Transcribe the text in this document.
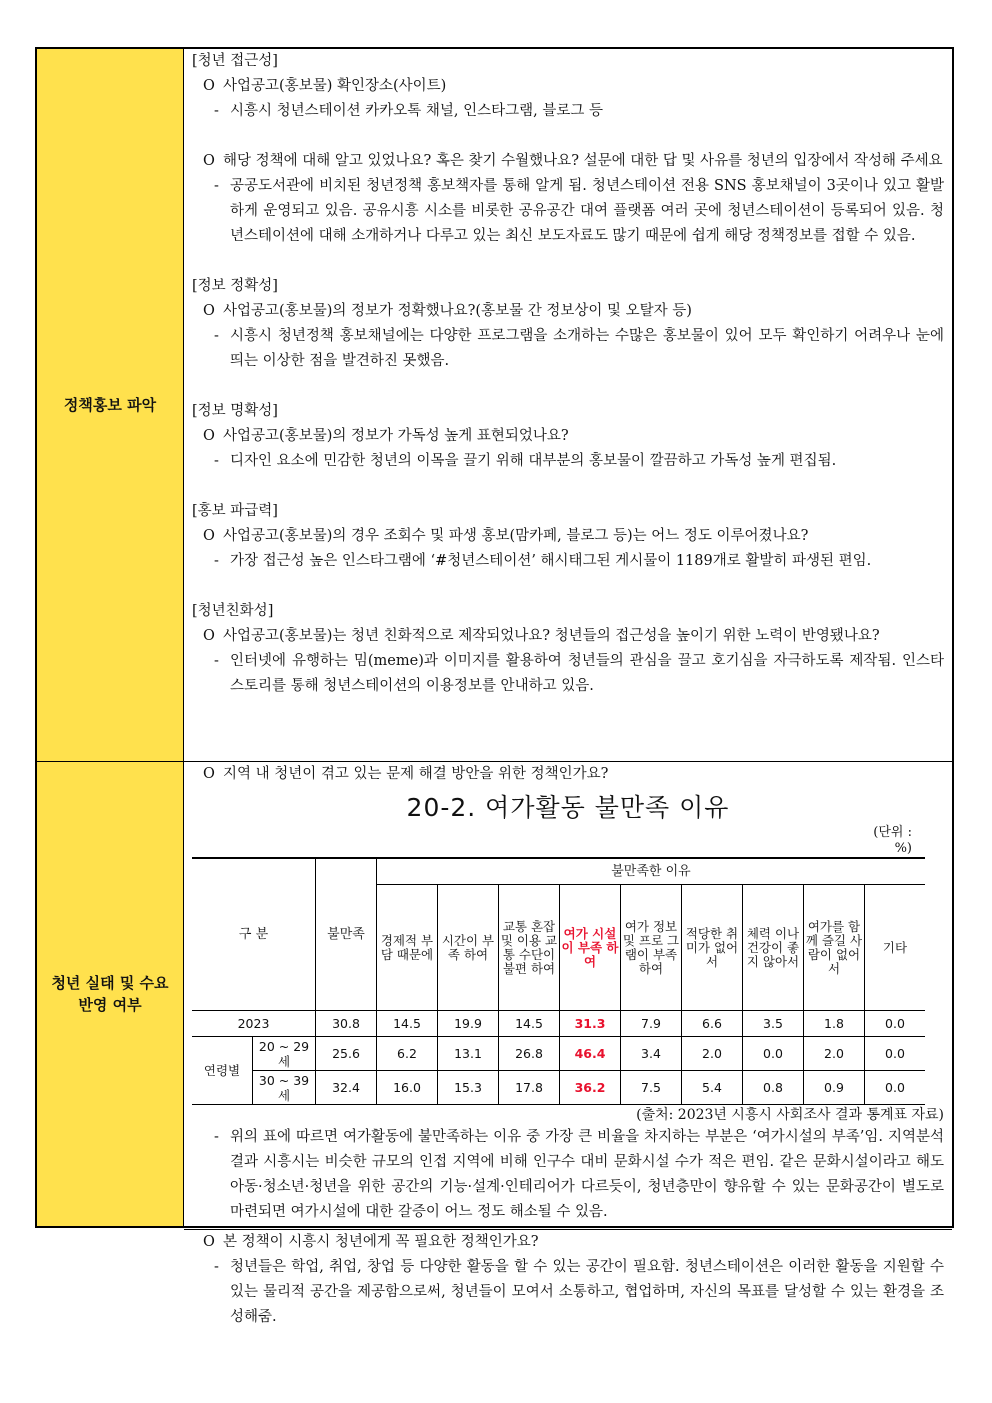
정책홍보 파악
[청년 접근성]
O 사업공고(홍보물) 확인장소(사이트)
- 시흥시 청년스테이션 카카오톡 채널, 인스타그램, 블로그 등
O 해당 정책에 대해 알고 있었나요? 혹은 찾기 수월했나요? 설문에 대한 답 및 사유를 청년의 입장에서 작성해 주세요
- 공공도서관에 비치된 청년정책 홍보책자를 통해 알게 됨. 청년스테이션 전용 SNS 홍보채널이 3곳이나 있고 활발하게 운영되고 있음. 공유시흥 시소를 비롯한 공유공간 대여 플랫폼 여러 곳에 청년스테이션이 등록되어 있음. 청년스테이션에 대해 소개하거나 다루고 있는 최신 보도자료도 많기 때문에 쉽게 해당 정책정보를 접할 수 있음.
[정보 정확성]
O 사업공고(홍보물)의 정보가 정확했나요?(홍보물 간 정보상이 및 오탈자 등)
- 시흥시 청년정책 홍보채널에는 다양한 프로그램을 소개하는 수많은 홍보물이 있어 모두 확인하기 어려우나 눈에 띄는 이상한 점을 발견하진 못했음.
[정보 명확성]
O 사업공고(홍보물)의 정보가 가독성 높게 표현되었나요?
- 디자인 요소에 민감한 청년의 이목을 끌기 위해 대부분의 홍보물이 깔끔하고 가독성 높게 편집됨.
[홍보 파급력]
O 사업공고(홍보물)의 경우 조회수 및 파생 홍보(맘카페, 블로그 등)는 어느 정도 이루어졌나요?
- 가장 접근성 높은 인스타그램에 ‘#청년스테이션’ 해시태그된 게시물이 1189개로 활발히 파생된 편임.
[청년친화성]
O 사업공고(홍보물)는 청년 친화적으로 제작되었나요? 청년들의 접근성을 높이기 위한 노력이 반영됐나요?
- 인터넷에 유행하는 밈(meme)과 이미지를 활용하여 청년들의 관심을 끌고 호기심을 자극하도록 제작됨. 인스타 스토리를 통해 청년스테이션의 이용정보를 안내하고 있음.
청년 실태 및 수요 반영 여부
O 지역 내 청년이 겪고 있는 문제 해결 방안을 위한 정책인가요?
20-2. 여가활동 불만족 이유
(단위 : %)
구 분		불만족	불만족한 이유								
			경제적 부담 때문에	시간이 부족 하여	교통 혼잡 및 이용 교통 수단이 불편 하여	여가 시설이 부족 하여	여가 정보 및 프로 그램이 부족 하여	적당한 취미가 없어서	체력 이나 건강이 좋지 않아서	여가를 함께 즐길 사람이 없어서	기타
2023		30.8	14.5	19.9	14.5	31.3	7.9	6.6	3.5	1.8	0.0
연령별	20 ~ 29세	25.6	6.2	13.1	26.8	46.4	3.4	2.0	0.0	2.0	0.0
	30 ~ 39세	32.4	16.0	15.3	17.8	36.2	7.5	5.4	0.8	0.9	0.0
(출처: 2023년 시흥시 사회조사 결과 통계표 자료)
- 위의 표에 따르면 여가활동에 불만족하는 이유 중 가장 큰 비율을 차지하는 부분은 ‘여가시설의 부족’임. 지역분석 결과 시흥시는 비슷한 규모의 인접 지역에 비해 인구수 대비 문화시설 수가 적은 편임. 같은 문화시설이라고 해도 아동·청소년·청년을 위한 공간의 기능·설계·인테리어가 다르듯이, 청년층만이 향유할 수 있는 문화공간이 별도로 마련되면 여가시설에 대한 갈증이 어느 정도 해소될 수 있음.
O 본 정책이 시흥시 청년에게 꼭 필요한 정책인가요?
- 청년들은 학업, 취업, 창업 등 다양한 활동을 할 수 있는 공간이 필요함. 청년스테이션은 이러한 활동을 지원할 수 있는 물리적 공간을 제공함으로써, 청년들이 모여서 소통하고, 협업하며, 자신의 목표를 달성할 수 있는 환경을 조성해줌.
